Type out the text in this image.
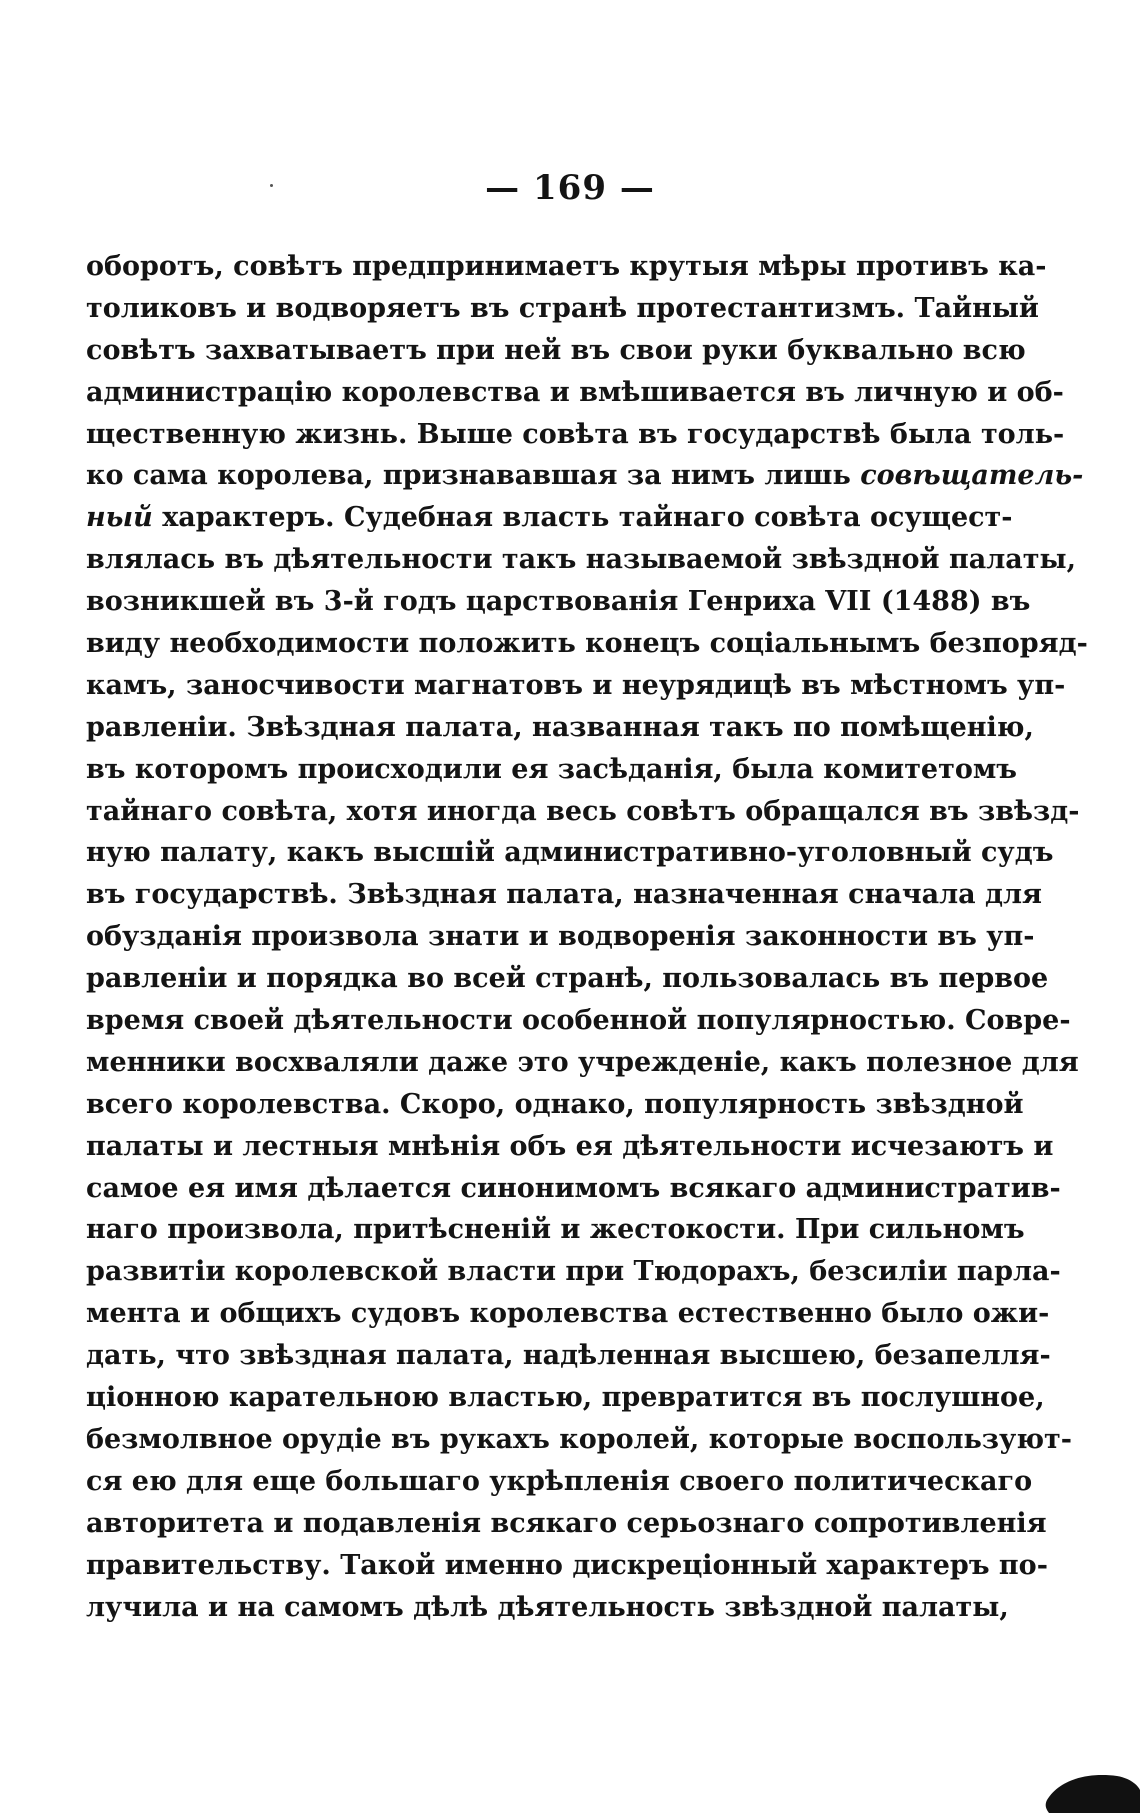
— 169 —
оборотъ, совѣтъ предпринимаетъ крутыя мѣры противъ ка-
толиковъ и водворяетъ въ странѣ протестантизмъ. Тайный
совѣтъ захватываетъ при ней въ свои руки буквально всю
администрацію королевства и вмѣшивается въ личную и об-
щественную жизнь. Выше совѣта въ государствѣ была толь-
ко сама королева, признававшая за нимъ лишь совѣщатель-
ный характеръ. Судебная власть тайнаго совѣта осущест-
влялась въ дѣятельности такъ называемой звѣздной палаты,
возникшей въ 3-й годъ царствованія Генриха VII (1488) въ
виду необходимости положить конецъ соціальнымъ безпоряд-
камъ, заносчивости магнатовъ и неурядицѣ въ мѣстномъ уп-
равленіи. Звѣздная палата, названная такъ по помѣщенію,
въ которомъ происходили ея засѣданія, была комитетомъ
тайнаго совѣта, хотя иногда весь совѣтъ обращался въ звѣзд-
ную палату, какъ высшій административно-уголовный судъ
въ государствѣ. Звѣздная палата, назначенная сначала для
обузданія произвола знати и водворенія законности въ уп-
равленіи и порядка во всей странѣ, пользовалась въ первое
время своей дѣятельности особенной популярностью. Совре-
менники восхваляли даже это учрежденіе, какъ полезное для
всего королевства. Скоро, однако, популярность звѣздной
палаты и лестныя мнѣнія объ ея дѣятельности исчезаютъ и
самое ея имя дѣлается синонимомъ всякаго административ-
наго произвола, притѣсненій и жестокости. При сильномъ
развитіи королевской власти при Тюдорахъ, безсиліи парла-
мента и общихъ судовъ королевства естественно было ожи-
дать, что звѣздная палата, надѣленная высшею, безапелля-
ціонною карательною властью, превратится въ послушное,
безмолвное орудіе въ рукахъ королей, которые воспользуют-
ся ею для еще большаго укрѣпленія своего политическаго
авторитета и подавленія всякаго серьознаго сопротивленія
правительству. Такой именно дискреціонный характеръ по-
лучила и на самомъ дѣлѣ дѣятельность звѣздной палаты,
